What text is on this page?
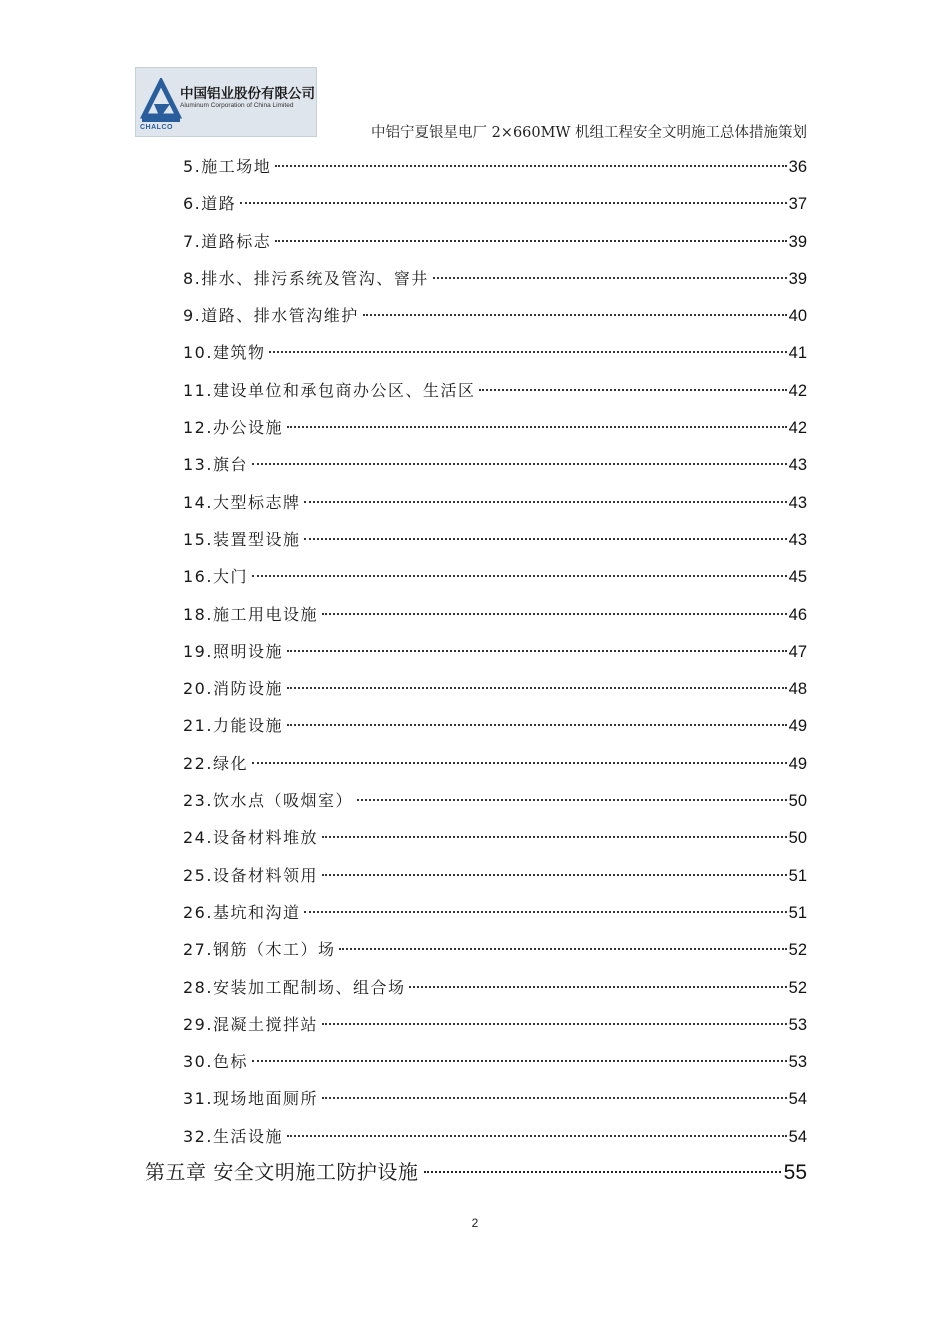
中国铝业股份有限公司
Aluminum Corporation of China Limited
CHALCO	中铝宁夏银星电厂 2×660MW 机组工程安全文明施工总体措施策划
5.施工场地	36
6.道路	37
7.道路标志	39
8.排水、排污系统及管沟、窨井	39
9.道路、排水管沟维护	40
10.建筑物	41
11.建设单位和承包商办公区、生活区	42
12.办公设施	42
13.旗台	43
14.大型标志牌	43
15.装置型设施	43
16.大门	45
18.施工用电设施	46
19.照明设施	47
20.消防设施	48
21.力能设施	49
22.绿化	49
23.饮水点（吸烟室）	50
24.设备材料堆放	50
25.设备材料领用	51
26.基坑和沟道	51
27.钢筋（木工）场	52
28.安装加工配制场、组合场	52
29.混凝土搅拌站	53
30.色标	53
31.现场地面厕所	54
32.生活设施	54
第五章 安全文明施工防护设施	55
2
